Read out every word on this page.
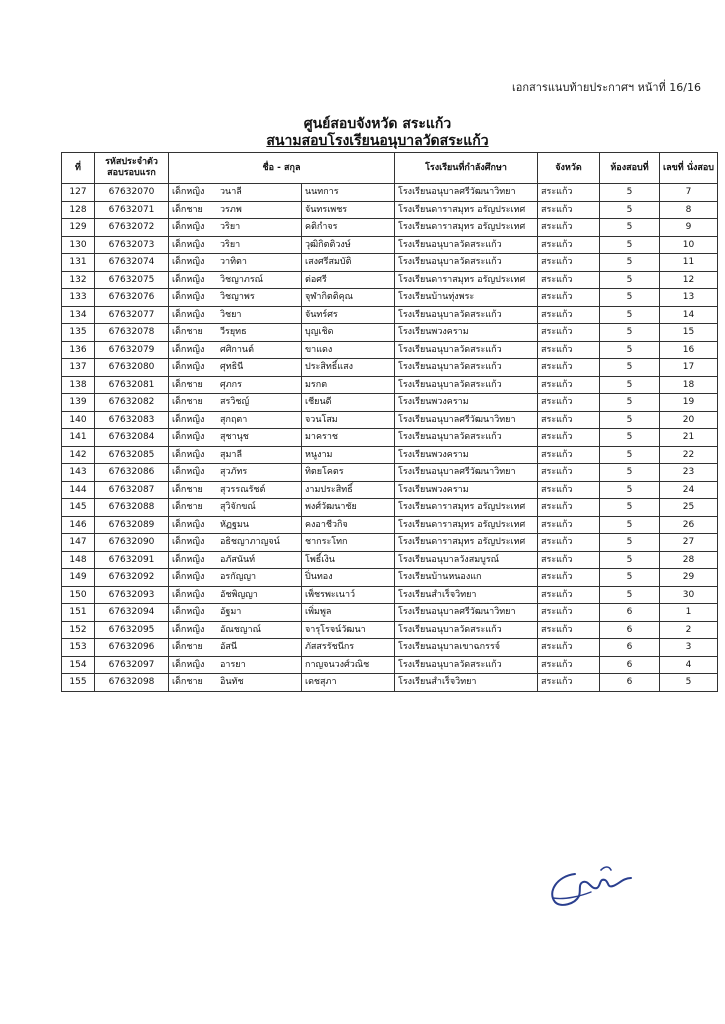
เอกสารแนบท้ายประกาศฯ หน้าที่ 16/16
ศูนย์สอบจังหวัด สระแก้ว
สนามสอบโรงเรียนอนุบาลวัดสระแก้ว
ที่	รหัสประจำตัว สอบรอบแรก	ชื่อ - สกุล		โรงเรียนที่กำลังศึกษา	จังหวัด	ห้องสอบที่	เลขที่ นั่งสอบ
127	67632070	เด็กหญิง วนาลี	นนทการ	โรงเรียนอนุบาลศรีวัฒนาวิทยา	สระแก้ว	5	7
128	67632071	เด็กชาย วรภพ	จันทรเพชร	โรงเรียนดาราสมุทร อรัญประเทศ	สระแก้ว	5	8
129	67632072	เด็กหญิง วริยา	คติกำจร	โรงเรียนดาราสมุทร อรัญประเทศ	สระแก้ว	5	9
130	67632073	เด็กหญิง วริยา	วุฒิกิตติวงษ์	โรงเรียนอนุบาลวัดสระแก้ว	สระแก้ว	5	10
131	67632074	เด็กหญิง วาทิตา	เสงศรีสมบัติ	โรงเรียนอนุบาลวัดสระแก้ว	สระแก้ว	5	11
132	67632075	เด็กหญิง วิชญาภรณ์	ต่อศรี	โรงเรียนดาราสมุทร อรัญประเทศ	สระแก้ว	5	12
133	67632076	เด็กหญิง วิชญาพร	จุฬากิตติคุณ	โรงเรียนบ้านทุ่งพระ	สระแก้ว	5	13
134	67632077	เด็กหญิง วิชยา	จันทร์ศร	โรงเรียนอนุบาลวัดสระแก้ว	สระแก้ว	5	14
135	67632078	เด็กชาย วีรยุทธ	บุญเชิด	โรงเรียนพวงคราม	สระแก้ว	5	15
136	67632079	เด็กหญิง ศศิกานต์	ขาแดง	โรงเรียนอนุบาลวัดสระแก้ว	สระแก้ว	5	16
137	67632080	เด็กหญิง ศุทธินี	ประสิทธิ์แสง	โรงเรียนอนุบาลวัดสระแก้ว	สระแก้ว	5	17
138	67632081	เด็กชาย ศุภกร	มรกต	โรงเรียนอนุบาลวัดสระแก้ว	สระแก้ว	5	18
139	67632082	เด็กชาย สรวิชญ์	เชียนดี	โรงเรียนพวงคราม	สระแก้ว	5	19
140	67632083	เด็กหญิง สุกฤตา	จวนโสม	โรงเรียนอนุบาลศรีวัฒนาวิทยา	สระแก้ว	5	20
141	67632084	เด็กหญิง สุชานุช	มาคราช	โรงเรียนอนุบาลวัดสระแก้ว	สระแก้ว	5	21
142	67632085	เด็กหญิง สุมาลี	หนูงาม	โรงเรียนพวงคราม	สระแก้ว	5	22
143	67632086	เด็กหญิง สุวภัทร	ทิตยโคตร	โรงเรียนอนุบาลศรีวัฒนาวิทยา	สระแก้ว	5	23
144	67632087	เด็กชาย สุวรรณรัชต์	งามประสิทธิ์	โรงเรียนพวงคราม	สระแก้ว	5	24
145	67632088	เด็กชาย สุวิจักขณ์	พงศ์วัฒนาชัย	โรงเรียนดาราสมุทร อรัญประเทศ	สระแก้ว	5	25
146	67632089	เด็กหญิง หัฏฐมน	คงอาชีวกิจ	โรงเรียนดาราสมุทร อรัญประเทศ	สระแก้ว	5	26
147	67632090	เด็กหญิง อธิชญาภาญจน์	ชากระโทก	โรงเรียนดาราสมุทร อรัญประเทศ	สระแก้ว	5	27
148	67632091	เด็กหญิง อภัสนันท์	โพธิ์เงิน	โรงเรียนอนุบาลวังสมบูรณ์	สระแก้ว	5	28
149	67632092	เด็กหญิง อรกัญญา	ปิ่นทอง	โรงเรียนบ้านหนองแก	สระแก้ว	5	29
150	67632093	เด็กหญิง อัชพิญญา	เพ็ชรพะเนาว์	โรงเรียนสำเร็จวิทยา	สระแก้ว	5	30
151	67632094	เด็กหญิง อัฐมา	เพิ่มพูล	โรงเรียนอนุบาลศรีวัฒนาวิทยา	สระแก้ว	6	1
152	67632095	เด็กหญิง อัณชญาณ์	จารุโรจน์วัฒนา	โรงเรียนอนุบาลวัดสระแก้ว	สระแก้ว	6	2
153	67632096	เด็กชาย อัสนี	ภัสสรรัชนีกร	โรงเรียนอนุบาลเขาฉกรรจ์	สระแก้ว	6	3
154	67632097	เด็กหญิง อารยา	กาญจนวงศ์วณิช	โรงเรียนอนุบาลวัดสระแก้ว	สระแก้ว	6	4
155	67632098	เด็กชาย อินทัช	เดชสุภา	โรงเรียนสำเร็จวิทยา	สระแก้ว	6	5
